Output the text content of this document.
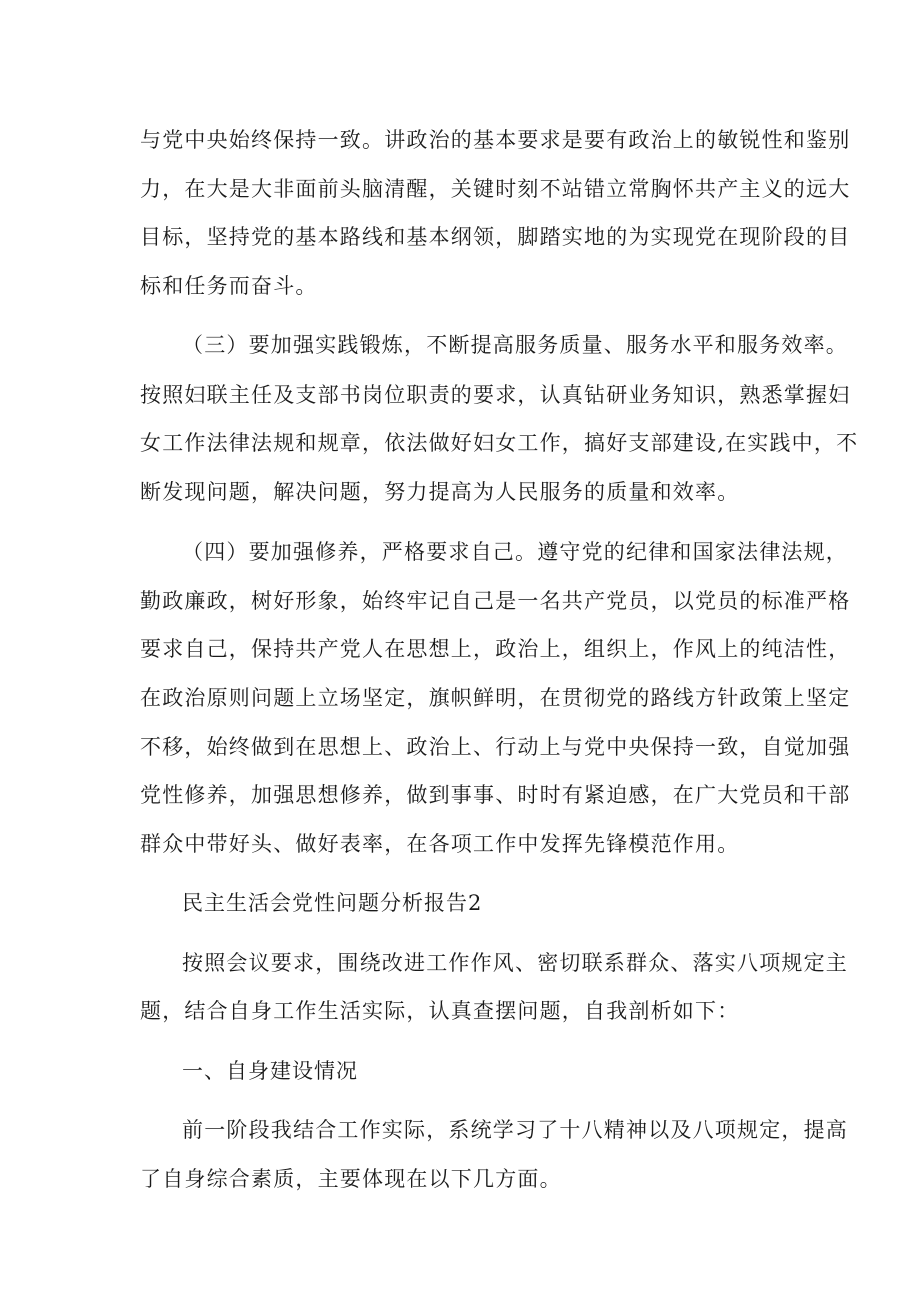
与党中央始终保持一致。讲政治的基本要求是要有政治上的敏锐性和鉴别
力，在大是大非面前头脑清醒，关键时刻不站错立常胸怀共产主义的远大
目标，坚持党的基本路线和基本纲领，脚踏实地的为实现党在现阶段的目
标和任务而奋斗。
（三）要加强实践锻炼，不断提高服务质量、服务水平和服务效率。
按照妇联主任及支部书岗位职责的要求，认真钻研业务知识，熟悉掌握妇
女工作法律法规和规章，依法做好妇女工作，搞好支部建设,在实践中，不
断发现问题，解决问题，努力提高为人民服务的质量和效率。
（四）要加强修养，严格要求自己。遵守党的纪律和国家法律法规，
勤政廉政，树好形象，始终牢记自己是一名共产党员，以党员的标准严格
要求自己，保持共产党人在思想上，政治上，组织上，作风上的纯洁性，
在政治原则问题上立场坚定，旗帜鲜明，在贯彻党的路线方针政策上坚定
不移，始终做到在思想上、政治上、行动上与党中央保持一致，自觉加强
党性修养，加强思想修养，做到事事、时时有紧迫感，在广大党员和干部
群众中带好头、做好表率，在各项工作中发挥先锋模范作用。
民主生活会党性问题分析报告2
按照会议要求，围绕改进工作作风、密切联系群众、落实八项规定主
题，结合自身工作生活实际，认真查摆问题，自我剖析如下：
一、自身建设情况
前一阶段我结合工作实际，系统学习了十八精神以及八项规定，提高
了自身综合素质，主要体现在以下几方面。
